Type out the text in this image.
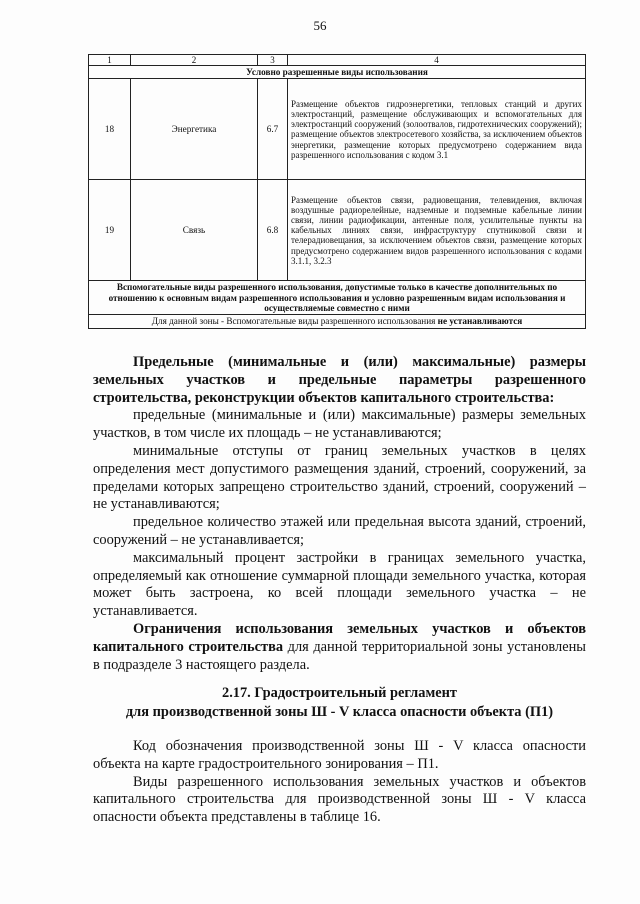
56
1	2	3	4
Условно разрешенные виды использования			
18	Энергетика	6.7	Размещение объектов гидроэнергетики, тепловых станций и других электростанций, размещение обслуживающих и вспомогательных для электростанций сооружений (золоотвалов, гидротехнических сооружений); размещение объектов электросетевого хозяйства, за исключением объектов энергетики, размещение которых предусмотрено содержанием вида разрешенного использования с кодом 3.1
19	Связь	6.8	Размещение объектов связи, радиовещания, телевидения, включая воздушные радиорелейные, надземные и подземные кабельные линии связи, линии радиофикации, антенные поля, усилительные пункты на кабельных линиях связи, инфраструктуру спутниковой связи и телерадиовещания, за исключением объектов связи, размещение которых предусмотрено содержанием видов разрешенного использования с кодами 3.1.1, 3.2.3
Вспомогательные виды разрешенного использования, допустимые только в качестве дополнительных по отношению к основным видам разрешенного использования и условно разрешенным видам использования и осуществляемые совместно с ними			
Для данной зоны - Вспомогательные виды разрешенного использования не устанавливаются			

Предельные (минимальные и (или) максимальные) размеры земельных участков и предельные параметры разрешенного строительства, реконструкции объектов капитального строительства:

предельные (минимальные и (или) максимальные) размеры земельных участков, в том числе их площадь – не устанавливаются;

минимальные отступы от границ земельных участков в целях определения мест допустимого размещения зданий, строений, сооружений, за пределами которых запрещено строительство зданий, строений, сооружений – не устанавливаются;

предельное количество этажей или предельная высота зданий, строений, сооружений – не устанавливается;

максимальный процент застройки в границах земельного участка, определяемый как отношение суммарной площади земельного участка, которая может быть застроена, ко всей площади земельного участка – не устанавливается.

Ограничения использования земельных участков и объектов капитального строительства для данной территориальной зоны установлены в подразделе 3 настоящего раздела.

2.17. Градостроительный регламент
для производственной зоны Ш - V класса опасности объекта (П1)

Код обозначения производственной зоны Ш - V класса опасности объекта на карте градостроительного зонирования – П1.

Виды разрешенного использования земельных участков и объектов капитального строительства для производственной зоны Ш - V класса опасности объекта представлены в таблице 16.
